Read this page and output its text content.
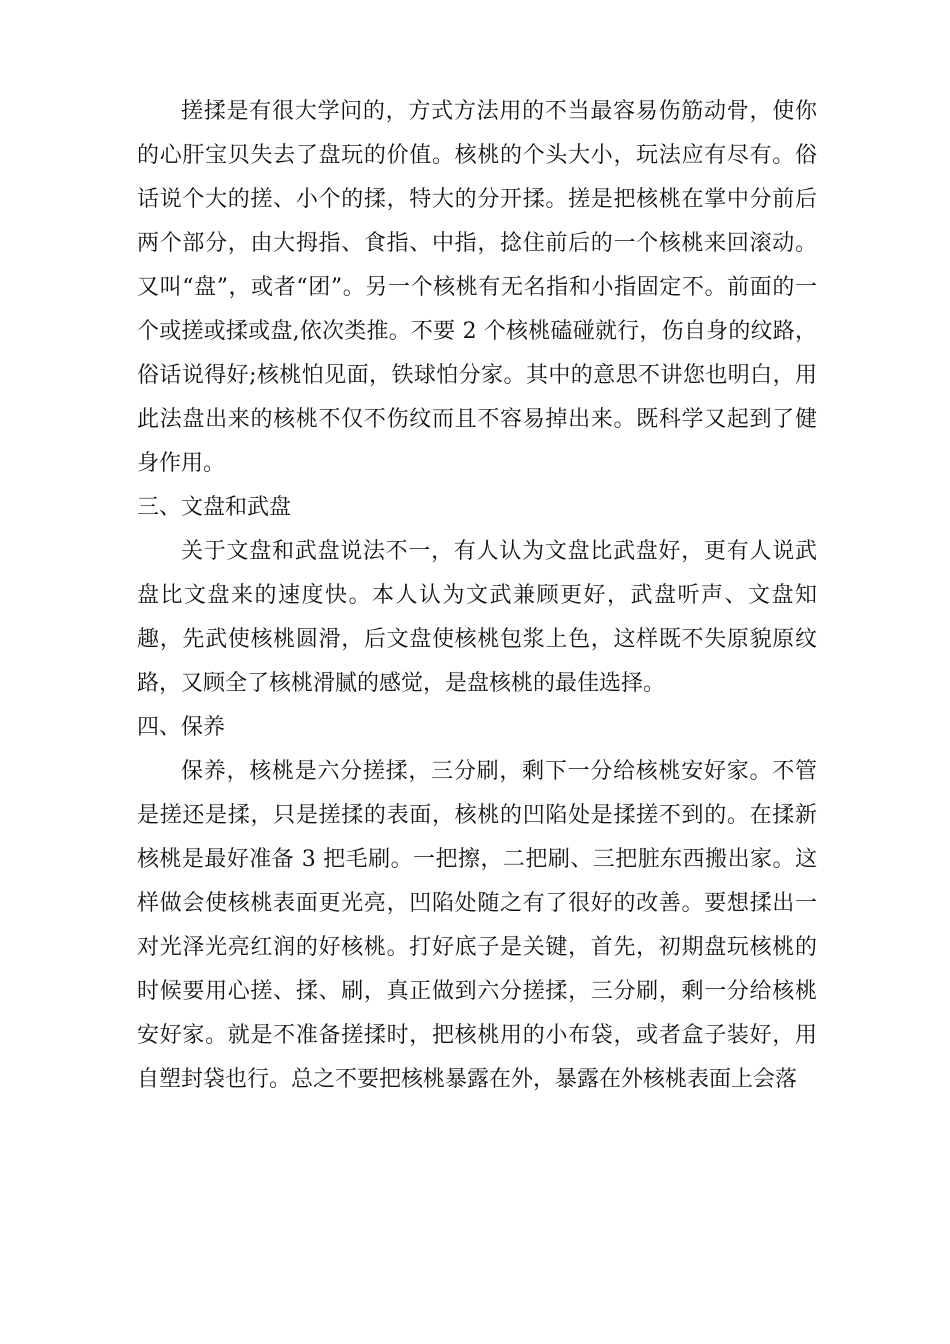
搓揉是有很大学问的，方式方法用的不当最容易伤筋动骨，使你的心肝宝贝失去了盘玩的价值。核桃的个头大小，玩法应有尽有。俗话说个大的搓、小个的揉，特大的分开揉。搓是把核桃在掌中分前后两个部分，由大拇指、食指、中指，捻住前后的一个核桃来回滚动。又叫“盘”，或者“团”。另一个核桃有无名指和小指固定不。前面的一个或搓或揉或盘,依次类推。不要 2 个核桃磕碰就行，伤自身的纹路，俗话说得好;核桃怕见面，铁球怕分家。其中的意思不讲您也明白，用此法盘出来的核桃不仅不伤纹而且不容易掉出来。既科学又起到了健身作用。

三、文盘和武盘

关于文盘和武盘说法不一，有人认为文盘比武盘好，更有人说武盘比文盘来的速度快。本人认为文武兼顾更好，武盘听声、文盘知趣，先武使核桃圆滑，后文盘使核桃包浆上色，这样既不失原貌原纹路，又顾全了核桃滑腻的感觉，是盘核桃的最佳选择。

四、保养

保养，核桃是六分搓揉，三分刷，剩下一分给核桃安好家。不管是搓还是揉，只是搓揉的表面，核桃的凹陷处是揉搓不到的。在揉新核桃是最好准备 3 把毛刷。一把擦，二把刷、三把脏东西搬出家。这样做会使核桃表面更光亮，凹陷处随之有了很好的改善。要想揉出一对光泽光亮红润的好核桃。打好底子是关键，首先，初期盘玩核桃的时候要用心搓、揉、刷，真正做到六分搓揉，三分刷，剩一分给核桃安好家。就是不准备搓揉时，把核桃用的小布袋，或者盒子装好，用自塑封袋也行。总之不要把核桃暴露在外，暴露在外核桃表面上会落
